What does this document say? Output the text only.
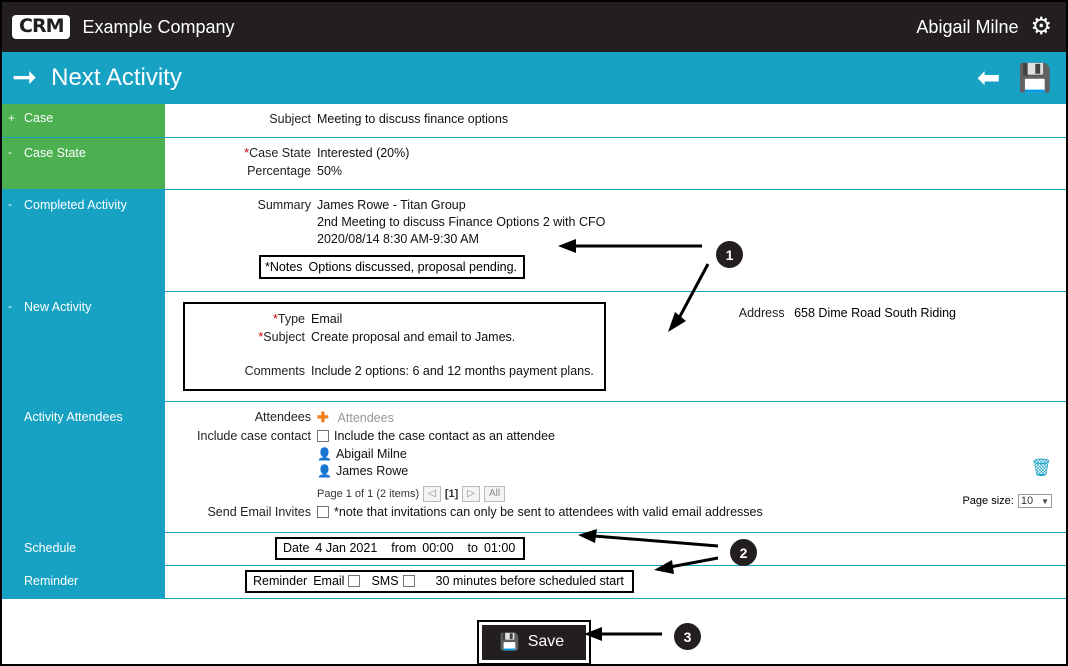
CRM	Example Company	Abigail Milne ⚙
➞ Next Activity	⬅ 💾
+ Case	Subject Meeting to discuss finance options
- Case State	*Case State Interested (20%)
Percentage 50%
- Completed Activity	Summary James Rowe - Titan Group
2nd Meeting to discuss Finance Options 2 with CFO
2020/08/14 8:30 AM-9:30 AM
*Notes Options discussed, proposal pending.
- New Activity
*Type Email
*Subject Create proposal and email to James.
Comments Include 2 options: 6 and 12 months payment plans.
Address 658 Dime Road South Riding
Activity Attendees	Attendees ✚ Attendees
Include case contact	Include the case contact as an attendee
👤 Abigail Milne
👤 James Rowe
Page 1 of 1 (2 items) ◁ [1] ▷	All
Send Email Invites	*note that invitations can only be sent to attendees with valid email addresses
🗑
Page size: 10 ▼
Schedule	Date 4 Jan 2021 from 00:00 to 01:00
Reminder	Reminder Email SMS	30 minutes before scheduled start
💾 Save
1
2
3
